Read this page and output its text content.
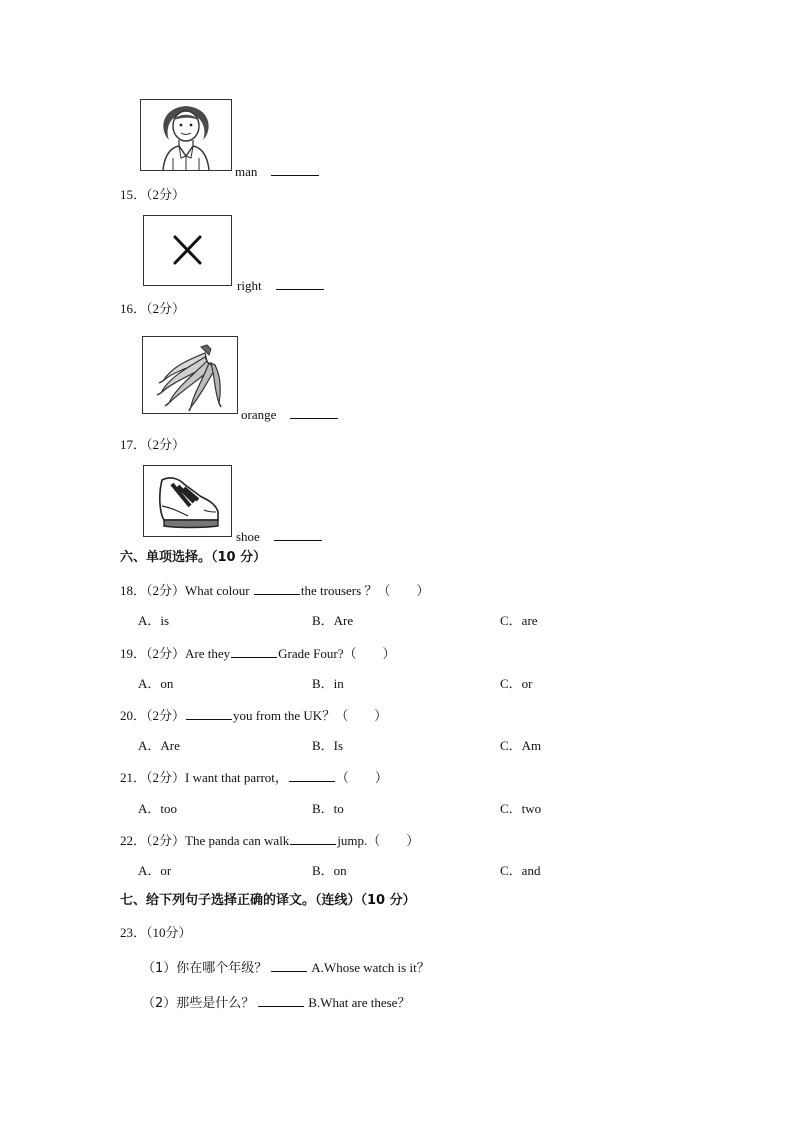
man
15．（2分）
right
16．（2分）
orange
17．（2分）
shoe
六、单项选择。（10 分）
18．（2分）What colour	the trousers ？（　　）
A．is	B．Are	C．are
19．（2分）Are they	Grade Four?（　　）
A．on	B．in	C．or
20．（2分）	you from the UK？（　　）
A．Are	B．Is	C．Am
21．（2分）I want that parrot，	（　　）
A．too	B．to	C．two
22．（2分）The panda can walk	jump.（　　）
A．or	B．on	C．and
七、给下列句子选择正确的译文。（连线）（10 分）
23．（10分）
（1）你在哪个年级？	A.Whose watch is it？
（2）那些是什么？	B.What are these？
